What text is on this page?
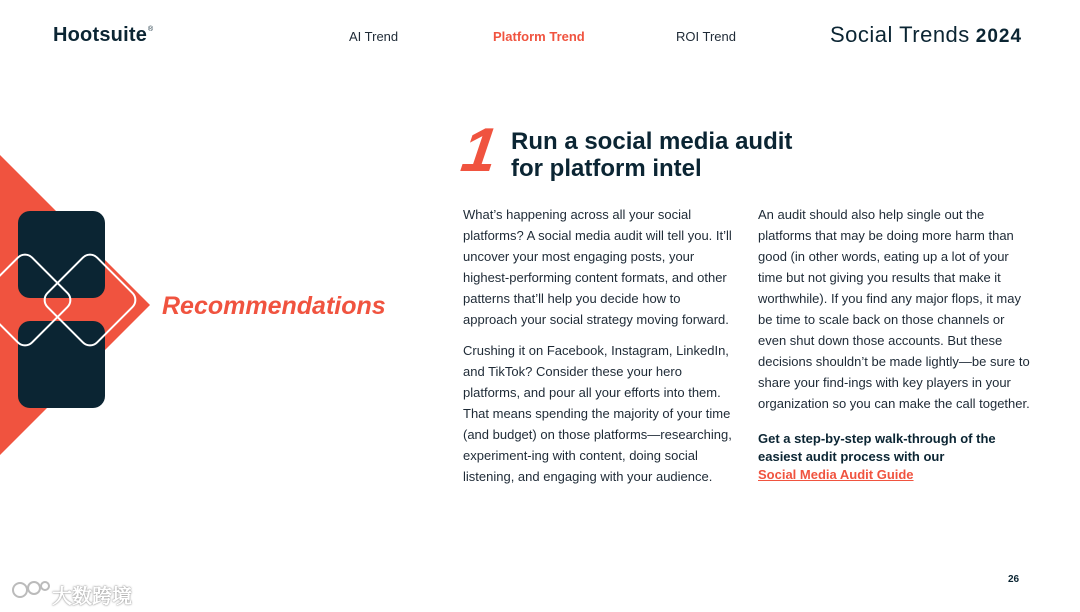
Hootsuite®	AI Trend	Platform Trend	ROI Trend	Social Trends 2024
Recommendations
1 Run a social media audit for platform intel

What’s happening across all your social platforms? A social media audit will tell you. It’ll uncover your most engaging posts, your highest-performing content formats, and other patterns that’ll help you decide how to approach your social strategy moving forward.

Crushing it on Facebook, Instagram, LinkedIn, and TikTok? Consider these your hero platforms, and pour all your efforts into them. That means spending the majority of your time (and budget) on those platforms—researching, experiment-ing with content, doing social listening, and engaging with your audience.

An audit should also help single out the platforms that may be doing more harm than good (in other words, eating up a lot of your time but not giving you results that make it worthwhile). If you find any major flops, it may be time to scale back on those channels or even shut down those accounts. But these decisions shouldn’t be made lightly—be sure to share your find-ings with key players in your organization so you can make the call together.

Get a step-by-step walk-through of the easiest audit process with our
Social Media Audit Guide

26
大数跨境
